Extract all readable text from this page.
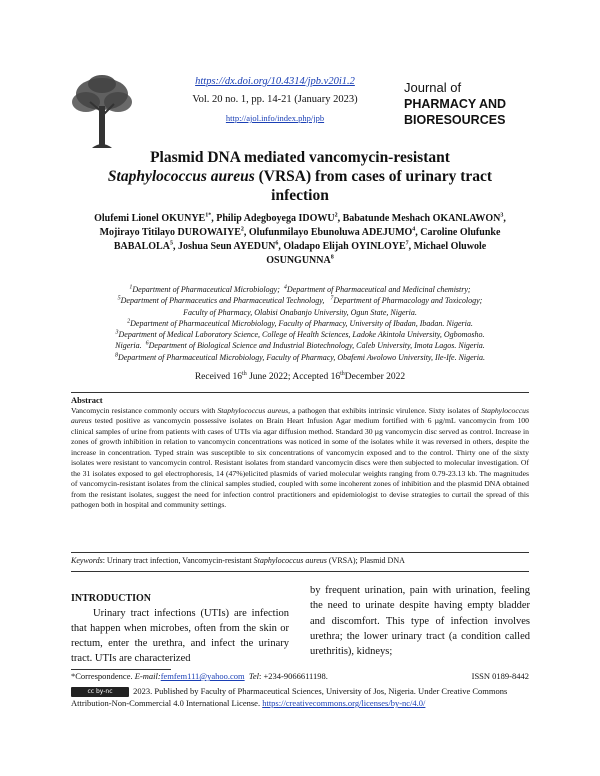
https://dx.doi.org/10.4314/jpb.v20i1.2
Vol. 20 no. 1, pp. 14-21 (January 2023)
http://ajol.info/index.php/jpb
Journal of
PHARMACY AND
BIORESOURCES
Plasmid DNA mediated vancomycin-resistant
Staphylococcus aureus (VRSA) from cases of urinary tract
infection
Olufemi Lionel $OKUNYE^{1*}$, Philip Adegboyega IDOWU$^2$, Babatunde Meshach OKANLAWON$^3$, Mojirayo Titilayo DUROWAIYE$^2$, Olufunmilayo Ebunoluwa ADEJUMO$^4$, Caroline Olufunke BABALOLA$^5$, Joshua Seun AYEDUN$^6$, Oladapo Elijah OYINLOYE$^7$, Michael Oluwole OSUNGUNNA$^8$
$^1$Department of Pharmaceutical Microbiology; $^4$Department of Pharmaceutical and Medicinal chemistry;
$^5$Department of Pharmaceutics and Pharmaceutical Technology, $^7$Department of Pharmacology and Toxicology;
Faculty of Pharmacy, Olabisi Onabanjo University, Ogun State, Nigeria.
$^2$Department of Pharmaceutical Microbiology, Faculty of Pharmacy, University of Ibadan, Ibadan. Nigeria.
$^3$Department of Medical Laboratory Science, College of Health Sciences, Ladoke Akintola University, Ogbomosho.
Nigeria. $^6$Department of Biological Science and Industrial Biotechnology, Caleb University, Imota Lagos. Nigeria.
$^8$Department of Pharmaceutical Microbiology, Faculty of Pharmacy, Obafemi Awolowo University, Ile-Ife. Nigeria.
Received 16th June 2022; Accepted 16thDecember 2022
Abstract
Vancomycin resistance commonly occurs with Staphylococcus aureus, a pathogen that exhibits intrinsic virulence. Sixty isolates of Staphylococcus aureus tested positive as vancomycin possessive isolates on Brain Heart Infusion Agar medium fortified with 6 µg/mL vancomycin from 100 clinical samples of urine from patients with cases of UTIs via agar diffusion method. Standard 30 µg vancomycin disc served as control. Increase in zones of growth inhibition in relation to vancomycin concentrations was noticed in some of the isolates while it was reversed in others, despite the increase in concentration. Typed strain was susceptible to six concentrations of vancomycin exposed and to the control. Thirty one of the sixty isolates were resistant to vancomycin control. Resistant isolates from standard vancomycin discs were then subjected to molecular investigation. Of the 31 isolates exposed to gel electrophoresis, 14 (47%)elicited plasmids of varied molecular weights ranging from 0.79-23.13 kb. The magnitudes of vancomycin-resistant isolates from the clinical samples studied, coupled with some incoherent zones of inhibition and the plasmid DNA obtained from the resistant isolates, suggest the need for infection control practitioners and epidemiologist to devise strategies to curtail the spread of this pathogen both in hospital and community settings.
Keywords: Urinary tract infection, Vancomycin-resistant Staphylococcus aureus (VRSA); Plasmid DNA
INTRODUCTION
Urinary tract infections (UTIs) are infection that happen when microbes, often from the skin or rectum, enter the urethra, and infect the urinary tract. UTIs are characterized
by frequent urination, pain with urination, feeling the need to urinate despite having empty bladder and discomfort. This type of infection involves urethra; the lower urinary tract (a condition called urethritis), kidneys;
*Correspondence. E-mail:femfem111@yahoo.com Tel: +234-9066611198.	ISSN 0189-8442
cc by-nc 2023. Published by Faculty of Pharmaceutical Sciences, University of Jos, Nigeria. Under Creative Commons Attribution-Non-Commercial 4.0 International License. https://creativecommons.org/licenses/by-nc/4.0/
